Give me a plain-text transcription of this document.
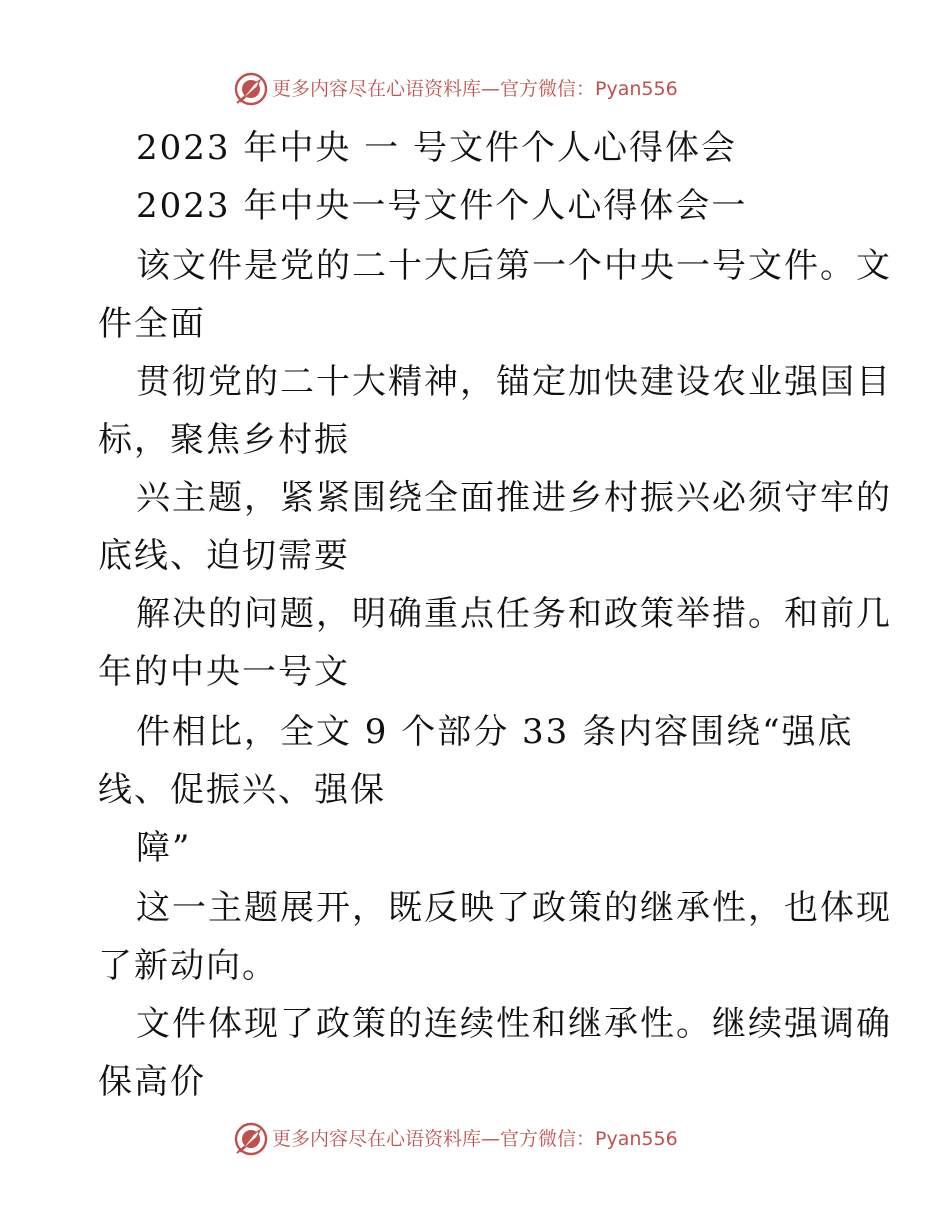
更多内容尽在心语资料库—官方微信：Pyan556
2023 年中央 一 号文件个人心得体会
2023 年中央一号文件个人心得体会一
该文件是党的二十大后第一个中央一号文件。文
件全面
贯彻党的二十大精神，锚定加快建设农业强国目
标，聚焦乡村振
兴主题，紧紧围绕全面推进乡村振兴必须守牢的
底线、迫切需要
解决的问题，明确重点任务和政策举措。和前几
年的中央一号文
件相比，全文 9 个部分 33 条内容围绕“强底
线、促振兴、强保
障”
这一主题展开，既反映了政策的继承性，也体现
了新动向。
文件体现了政策的连续性和继承性。继续强调确
保高价
更多内容尽在心语资料库—官方微信：Pyan556
